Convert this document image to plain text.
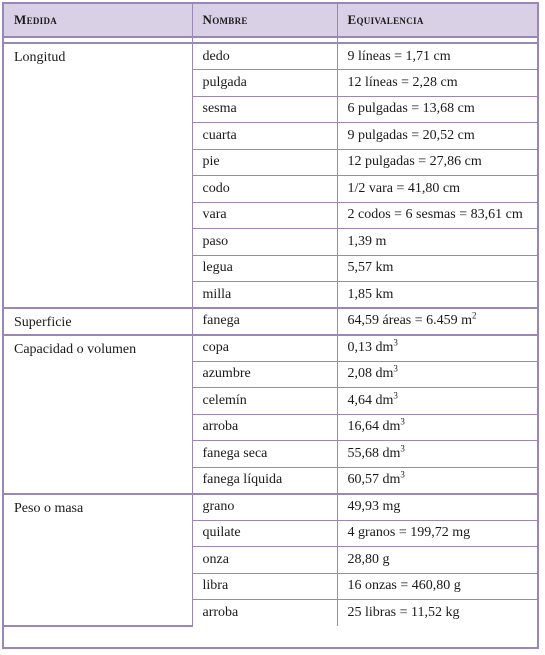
Medida	Nombre	Equivalencia

Longitud	dedo	9 líneas = 1,71 cm
	pulgada	12 líneas = 2,28 cm
	sesma	6 pulgadas = 13,68 cm
	cuarta	9 pulgadas = 20,52 cm
	pie	12 pulgadas = 27,86 cm
	codo	1/2 vara = 41,80 cm
	vara	2 codos = 6 sesmas = 83,61 cm
	paso	1,39 m
	legua	5,57 km
	milla	1,85 km
Superficie	fanega	64,59 áreas = 6.459 $m^2$
Capacidad o volumen	copa	0,13 $dm^3$
	azumbre	2,08 $dm^3$
	celemín	4,64 $dm^3$
	arroba	16,64 $dm^3$
	fanega seca	55,68 $dm^3$
	fanega líquida	60,57 $dm^3$
Peso o masa	grano	49,93 mg
	quilate	4 granos = 199,72 mg
	onza	28,80 g
	libra	16 onzas = 460,80 g
	arroba	25 libras = 11,52 kg
